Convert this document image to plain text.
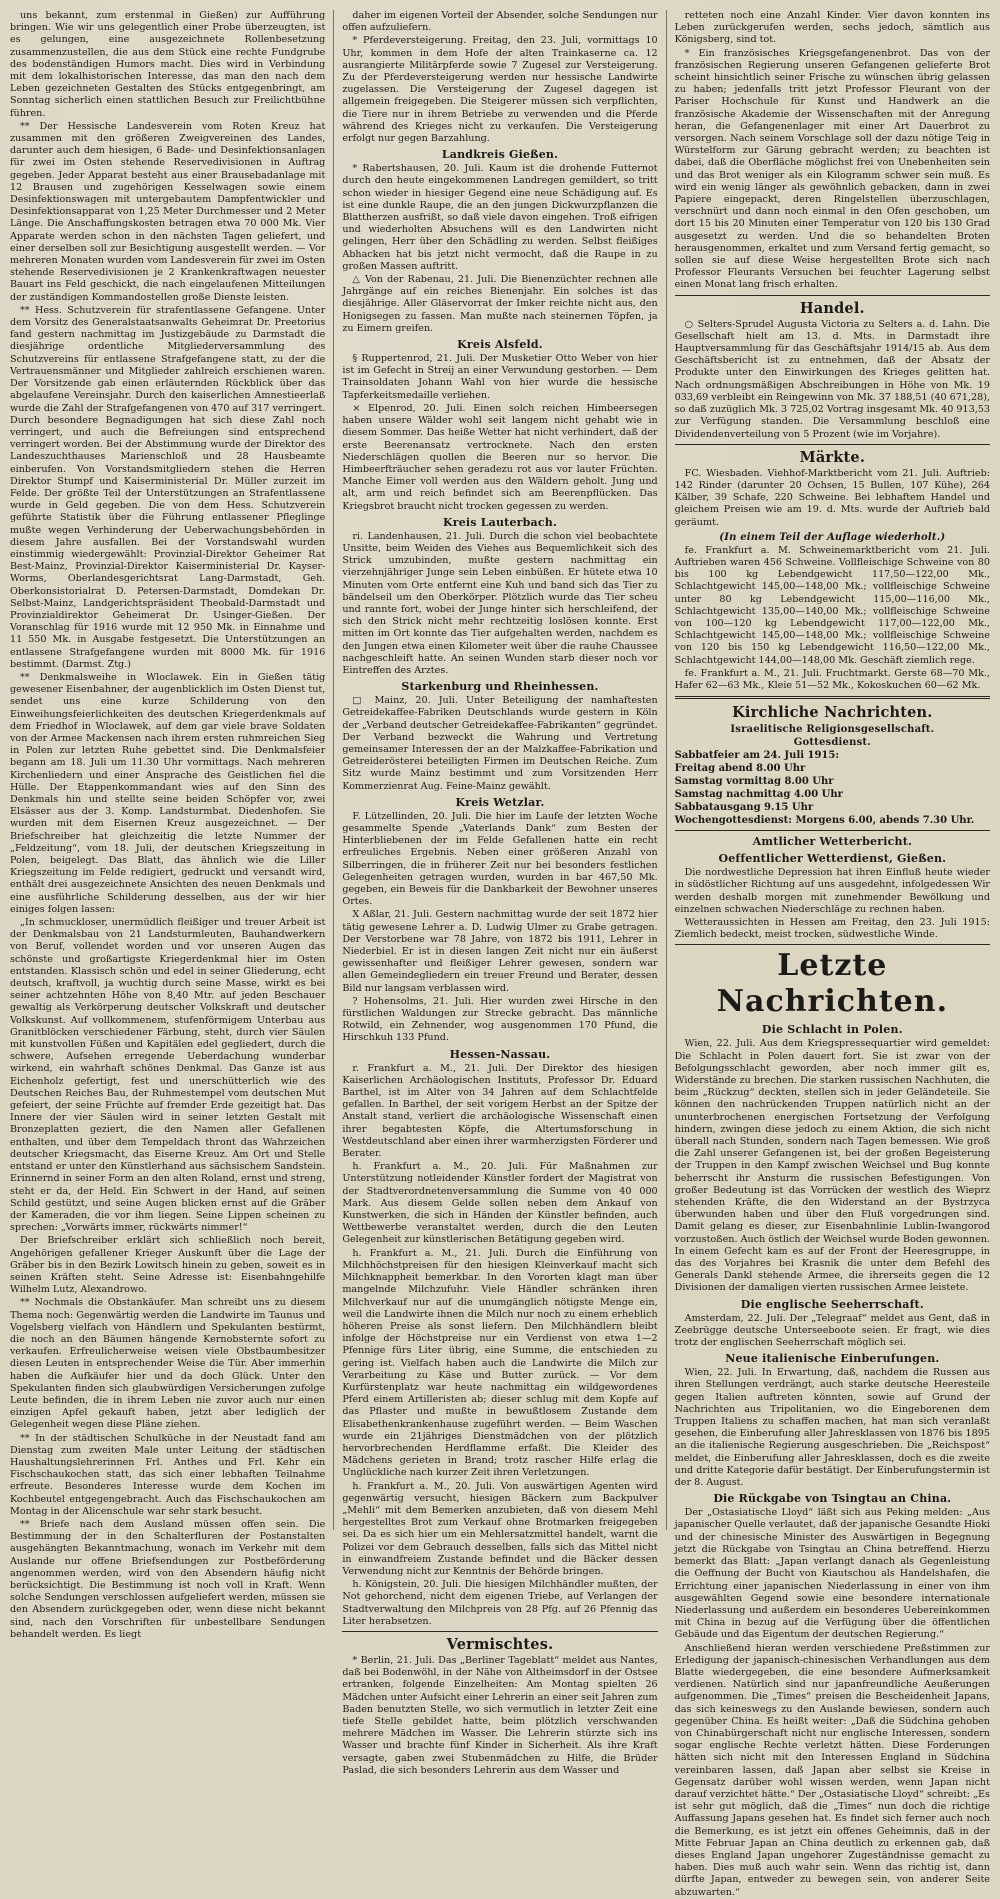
uns bekannt, zum erstenmal in Gießen) zur Aufführung bringen. Wie wir uns gelegentlich einer Probe überzeugten, ist es gelungen, eine ausgezeichnete Rollenbesetzung zusammenzustellen, die aus dem Stück eine rechte Fundgrube des bodenständigen Humors macht. Dies wird in Verbindung mit dem lokalhistorischen Interesse, das man den nach dem Leben gezeichneten Gestalten des Stücks entgegenbringt, am Sonntag sicherlich einen stattlichen Besuch zur Freilichtbühne führen.

** Der Hessische Landesverein vom Roten Kreuz hat zusammen mit den größeren Zweigvereinen des Landes, darunter auch dem hiesigen, 6 Bade- und Desinfektionsanlagen für zwei im Osten stehende Reservedivisionen in Auftrag gegeben. Jeder Apparat besteht aus einer Brausebadanlage mit 12 Brausen und zugehörigen Kesselwagen sowie einem Desinfektionswagen mit untergebautem Dampfentwickler und Desinfektionsapparat von 1,25 Meter Durchmesser und 2 Meter Länge. Die Anschaffungskosten betragen etwa 70 000 Mk. Vier Apparate werden schon in den nächsten Tagen geliefert, und einer derselben soll zur Besichtigung ausgestellt werden. — Vor mehreren Monaten wurden vom Landesverein für zwei im Osten stehende Reservedivisionen je 2 Krankenkraftwagen neuester Bauart ins Feld geschickt, die nach eingelaufenen Mitteilungen der zuständigen Kommandostellen große Dienste leisten.

** Hess. Schutzverein für strafentlassene Gefangene. Unter dem Vorsitz des Generalstaatsanwalts Geheimrat Dr. Preetorius fand gestern nachmittag im Justizgebäude zu Darmstadt die diesjährige ordentliche Mitgliederversammlung des Schutzvereins für entlassene Strafgefangene statt, zu der die Vertrauensmänner und Mitglieder zahlreich erschienen waren. Der Vorsitzende gab einen erläuternden Rückblick über das abgelaufene Vereinsjahr. Durch den kaiserlichen Amnestieerlaß wurde die Zahl der Strafgefangenen von 470 auf 317 verringert. Durch besondere Begnadigungen hat sich diese Zahl noch verringert, und auch die Befreiungen sind entsprechend verringert worden. Bei der Abstimmung wurde der Direktor des Landeszuchthauses Marienschloß und 28 Hausbeamte einberufen. Von Vorstandsmitgliedern stehen die Herren Direktor Stumpf und Kaiserministerial Dr. Müller zurzeit im Felde. Der größte Teil der Unterstützungen an Strafentlassene wurde in Geld gegeben. Die von dem Hess. Schutzverein geführte Statistik über die Führung entlassener Pfleglinge mußte wegen Verhinderung der Ueberwachungsbehörden in diesem Jahre ausfallen. Bei der Vorstandswahl wurden einstimmig wiedergewählt: Provinzial-Direktor Geheimer Rat Best-Mainz, Provinzial-Direktor Kaiserministerial Dr. Kayser-Worms, Oberlandesgerichtsrat Lang-Darmstadt, Geh. Oberkonsistorialrat D. Petersen-Darmstadt, Domdekan Dr. Selbst-Mainz, Landgerichtspräsident Theobald-Darmstadt und Provinzialdirektor Geheimerat Dr. Usinger-Gießen. Der Voranschlag für 1916 wurde mit 12 950 Mk. in Einnahme und 11 550 Mk. in Ausgabe festgesetzt. Die Unterstützungen an entlassene Strafgefangene wurden mit 8000 Mk. für 1916 bestimmt. (Darmst. Ztg.)

** Denkmalsweihe in Wloclawek. Ein in Gießen tätig gewesener Eisenbahner, der augenblicklich im Osten Dienst tut, sendet uns eine kurze Schilderung von den Einweihungsfeierlichkeiten des deutschen Kriegerdenkmals auf dem Friedhof in Wloclawek, auf dem gar viele brave Soldaten von der Armee Mackensen nach ihrem ersten ruhmreichen Sieg in Polen zur letzten Ruhe gebettet sind. Die Denkmalsfeier begann am 18. Juli um 11.30 Uhr vormittags. Nach mehreren Kirchenliedern und einer Ansprache des Geistlichen fiel die Hülle. Der Etappenkommandant wies auf den Sinn des Denkmals hin und stellte seine beiden Schöpfer vor, zwei Elsässer aus der 3. Komp. Landsturmbat. Diedenhofen. Sie wurden mit dem Eisernen Kreuz ausgezeichnet. — Der Briefschreiber hat gleichzeitig die letzte Nummer der „Feldzeitung“, vom 18. Juli, der deutschen Kriegszeitung in Polen, beigelegt. Das Blatt, das ähnlich wie die Liller Kriegszeitung im Felde redigiert, gedruckt und versandt wird, enthält drei ausgezeichnete Ansichten des neuen Denkmals und eine ausführliche Schilderung desselben, aus der wir hier einiges folgen lassen:

„In schmuckloser, unermüdlich fleißiger und treuer Arbeit ist der Denkmalsbau von 21 Landsturmleuten, Bauhandwerkern von Beruf, vollendet worden und vor unseren Augen das schönste und großartigste Kriegerdenkmal hier im Osten entstanden. Klassisch schön und edel in seiner Gliederung, echt deutsch, kraftvoll, ja wuchtig durch seine Masse, wirkt es bei seiner achtzehnten Höhe von 8,40 Mtr. auf jeden Beschauer gewaltig als Verkörperung deutscher Volkskraft und deutscher Volkskunst. Auf vollkommenem, stufenförmigem Unterbau aus Granitblöcken verschiedener Färbung, steht, durch vier Säulen mit kunstvollen Füßen und Kapitälen edel gegliedert, durch die schwere, Aufsehen erregende Ueberdachung wunderbar wirkend, ein wahrhaft schönes Denkmal. Das Ganze ist aus Eichenholz gefertigt, fest und unerschütterlich wie des Deutschen Reiches Bau, der Ruhmestempel vom deutschen Mut gefeiert, der seine Früchte auf fremder Erde gezeitigt hat. Das Innere der vier Säulen wird in seiner letzten Gestalt mit Bronzeplatten geziert, die den Namen aller Gefallenen enthalten, und über dem Tempeldach thront das Wahrzeichen deutscher Kriegsmacht, das Eiserne Kreuz. Am Ort und Stelle entstand er unter den Künstlerhand aus sächsischem Sandstein. Erinnernd in seiner Form an den alten Roland, ernst und streng, steht er da, der Held. Ein Schwert in der Hand, auf seinen Schild gestützt, und seine Augen blicken ernst auf die Gräber der Kameraden, die vor ihm liegen. Seine Lippen scheinen zu sprechen: „Vorwärts immer, rückwärts nimmer!“

Der Briefschreiber erklärt sich schließlich noch bereit, Angehörigen gefallener Krieger Auskunft über die Lage der Gräber bis in den Bezirk Lowitsch hinein zu geben, soweit es in seinen Kräften steht. Seine Adresse ist: Eisenbahngehilfe Wilhelm Lutz, Alexandrowo.

** Nochmals die Obstankäufer. Man schreibt uns zu diesem Thema noch: Gegenwärtig werden die Landwirte im Taunus und Vogelsberg vielfach von Händlern und Spekulanten bestürmt, die noch an den Bäumen hängende Kernobsternte sofort zu verkaufen. Erfreulicherweise weisen viele Obstbaumbesitzer diesen Leuten in entsprechender Weise die Tür. Aber immerhin haben die Aufkäufer hier und da doch Glück. Unter den Spekulanten finden sich glaubwürdigen Versicherungen zufolge Leute befinden, die in ihrem Leben nie zuvor auch nur einen einzigen Apfel gekauft haben, jetzt aber lediglich der Gelegenheit wegen diese Pläne ziehen.

** In der städtischen Schulküche in der Neustadt fand am Dienstag zum zweiten Male unter Leitung der städtischen Haushaltungslehrerinnen Frl. Anthes und Frl. Kehr ein Fischschaukochen statt, das sich einer lebhaften Teilnahme erfreute. Besonderes Interesse wurde dem Kochen im Kochbeutel entgegengebracht. Auch das Fischschaukochen am Montag in der Alicenschule war sehr stark besucht.

** Briefe nach dem Ausland müssen offen sein. Die Bestimmung der in den Schalterfluren der Postanstalten ausgehängten Bekanntmachung, wonach im Verkehr mit dem Auslande nur offene Briefsendungen zur Postbeförderung angenommen werden, wird von den Absendern häufig nicht berücksichtigt. Die Bestimmung ist noch voll in Kraft. Wenn solche Sendungen verschlossen aufgeliefert werden, müssen sie den Absendern zurückgegeben oder, wenn diese nicht bekannt sind, nach den Vorschriften für unbestellbare Sendungen behandelt werden. Es liegt

daher im eigenen Vorteil der Absender, solche Sendungen nur offen aufzuliefern.

* Pferdeversteigerung. Freitag, den 23. Juli, vormittags 10 Uhr, kommen in dem Hofe der alten Trainkaserne ca. 12 ausrangierte Militärpferde sowie 7 Zugesel zur Versteigerung. Zu der Pferdeversteigerung werden nur hessische Landwirte zugelassen. Die Versteigerung der Zugesel dagegen ist allgemein freigegeben. Die Steigerer müssen sich verpflichten, die Tiere nur in ihrem Betriebe zu verwenden und die Pferde während des Krieges nicht zu verkaufen. Die Versteigerung erfolgt nur gegen Barzahlung.

Landkreis Gießen.

* Rabertshausen, 20. Juli. Kaum ist die drohende Futternot durch den heute eingekommenen Landregen gemildert, so tritt schon wieder in hiesiger Gegend eine neue Schädigung auf. Es ist eine dunkle Raupe, die an den jungen Dickwurzpflanzen die Blattherzen ausfrißt, so daß viele davon eingehen. Troß eifrigen und wiederholten Absuchens will es den Landwirten nicht gelingen, Herr über den Schädling zu werden. Selbst fleißiges Abhacken hat bis jetzt nicht vermocht, daß die Raupe in zu großen Massen auftritt.

△ Von der Rabenau, 21. Juli. Die Bienenzüchter rechnen alle Jahrgänge auf ein reiches Bienenjahr. Ein solches ist das diesjährige. Aller Gläservorrat der Imker reichte nicht aus, den Honigsegen zu fassen. Man mußte nach steinernen Töpfen, ja zu Eimern greifen.

Kreis Alsfeld.

§ Ruppertenrod, 21. Juli. Der Musketier Otto Weber von hier ist im Gefecht in Streij an einer Verwundung gestorben. — Dem Trainsoldaten Johann Wahl von hier wurde die hessische Tapferkeitsmedaille verliehen.

× Elpenrod, 20. Juli. Einen solch reichen Himbeersegen haben unsere Wälder wohl seit langem nicht gehabt wie in diesem Sommer. Das heiße Wetter hat nicht verhindert, daß der erste Beerenansatz vertrocknete. Nach den ersten Niederschlägen quollen die Beeren nur so hervor. Die Himbeerfträucher sehen geradezu rot aus vor lauter Früchten. Manche Eimer voll werden aus den Wäldern geholt. Jung und alt, arm und reich befindet sich am Beerenpflücken. Das Kriegsbrot braucht nicht trocken gegessen zu werden.

Kreis Lauterbach.

ri. Landenhausen, 21. Juli. Durch die schon viel beobachtete Unsitte, beim Weiden des Viehes aus Bequemlichkeit sich des Strick umzubinden, mußte gestern nachmittag ein vierzehnjähriger Junge sein Leben einbüßen. Er hütete etwa 10 Minuten vom Orte entfernt eine Kuh und band sich das Tier zu bändelseil um den Oberkörper. Plötzlich wurde das Tier scheu und rannte fort, wobei der Junge hinter sich herschleifend, der sich den Strick nicht mehr rechtzeitig loslösen konnte. Erst mitten im Ort konnte das Tier aufgehalten werden, nachdem es den Jungen etwa einen Kilometer weit über die rauhe Chaussee nachgeschleift hatte. An seinen Wunden starb dieser noch vor Eintreffen des Arztes.

Starkenburg und Rheinhessen.

□ Mainz, 20. Juli. Unter Beteiligung der namhaftesten Getreidekaffee-Fabriken Deutschlands wurde gestern in Köln der „Verband deutscher Getreidekaffee-Fabrikanten“ gegründet. Der Verband bezweckt die Wahrung und Vertretung gemeinsamer Interessen der an der Malzkaffee-Fabrikation und Getreiderösterei beteiligten Firmen im Deutschen Reiche. Zum Sitz wurde Mainz bestimmt und zum Vorsitzenden Herr Kommerzienrat Aug. Feine-Mainz gewählt.

Kreis Wetzlar.

F. Lützellinden, 20. Juli. Die hier im Laufe der letzten Woche gesammelte Spende „Vaterlands Dank“ zum Besten der Hinterbliebenen der im Felde Gefallenen hatte ein recht erfreuliches Ergebnis. Neben einer größeren Anzahl von Silberringen, die in früherer Zeit nur bei besonders festlichen Gelegenheiten getragen wurden, wurden in bar 467,50 Mk. gegeben, ein Beweis für die Dankbarkeit der Bewohner unseres Ortes.

X Aßlar, 21. Juli. Gestern nachmittag wurde der seit 1872 hier tätig gewesene Lehrer a. D. Ludwig Ulmer zu Grabe getragen. Der Verstorbene war 78 Jahre, von 1872 bis 1911, Lehrer in Niederbiel. Er ist in diesen langen Zeit nicht nur ein äußerst gewissenhafter und fleißiger Lehrer gewesen, sondern war allen Gemeindegliedern ein treuer Freund und Berater, dessen Bild nur langsam verblassen wird.

? Hohensolms, 21. Juli. Hier wurden zwei Hirsche in den fürstlichen Waldungen zur Strecke gebracht. Das männliche Rotwild, ein Zehnender, wog ausgenommen 170 Pfund, die Hirschkuh 133 Pfund.

Hessen-Nassau.

r. Frankfurt a. M., 21. Juli. Der Direktor des hiesigen Kaiserlichen Archäologischen Instituts, Professor Dr. Eduard Barthel, ist im Alter von 34 Jahren auf dem Schlachtfelde gefallen. In Barthel, der seit vorigem Herbst an der Spitze der Anstalt stand, verliert die archäologische Wissenschaft einen ihrer begabtesten Köpfe, die Altertumsforschung in Westdeutschland aber einen ihrer warmherzigsten Förderer und Berater.

h. Frankfurt a. M., 20. Juli. Für Maßnahmen zur Unterstützung notleidender Künstler fordert der Magistrat von der Stadtverordnetenversammlung die Summe von 40 000 Mark. Aus diesem Gelde sollen neben dem Ankauf von Kunstwerken, die sich in Händen der Künstler befinden, auch Wettbewerbe veranstaltet werden, durch die den Leuten Gelegenheit zur künstlerischen Betätigung gegeben wird.

h. Frankfurt a. M., 21. Juli. Durch die Einführung von Milchhöchstpreisen für den hiesigen Kleinverkauf macht sich Milchknappheit bemerkbar. In den Vororten klagt man über mangelnde Milchzufuhr. Viele Händler schränken ihren Milchverkauf nur auf die unumgänglich nötigste Menge ein, weil die Landwirte ihnen die Milch nur noch zu einem erheblich höheren Preise als sonst liefern. Den Milchhändlern bleibt infolge der Höchstpreise nur ein Verdienst von etwa 1—2 Pfennige fürs Liter übrig, eine Summe, die entschieden zu gering ist. Vielfach haben auch die Landwirte die Milch zur Verarbeitung zu Käse und Butter zurück. — Vor dem Kurfürstenplatz war heute nachmittag ein wildgewordenes Pferd einem Artilleristen ab; dieser schlug mit dem Kopfe auf das Pflaster und mußte in bewußtlosem Zustande dem Elisabethenkrankenhause zugeführt werden. — Beim Waschen wurde ein 21jähriges Dienstmädchen von der plötzlich hervorbrechenden Herdflamme erfaßt. Die Kleider des Mädchens gerieten in Brand; trotz rascher Hilfe erlag die Unglückliche nach kurzer Zeit ihren Verletzungen.

h. Frankfurt a. M., 20. Juli. Von auswärtigen Agenten wird gegenwärtig versucht, hiesigen Bäckern zum Backpulver „Mehli“ mit dem Bemerken anzubieten, daß von diesem Mehl hergestelltes Brot zum Verkauf ohne Brotmarken freigegeben sei. Da es sich hier um ein Mehlersatzmittel handelt, warnt die Polizei vor dem Gebrauch desselben, falls sich das Mittel nicht in einwandfreiem Zustande befindet und die Bäcker dessen Verwendung nicht zur Kenntnis der Behörde bringen.

h. Königstein, 20. Juli. Die hiesigen Milchhändler mußten, der Not gehorchend, nicht dem eigenen Triebe, auf Verlangen der Stadtverwaltung den Milchpreis von 28 Pfg. auf 26 Pfennig das Liter herabsetzen.

Vermischtes.

* Berlin, 21. Juli. Das „Berliner Tageblatt“ meldet aus Nantes, daß bei Bodenwöhl, in der Nähe von Altheimsdorf in der Ostsee ertranken, folgende Einzelheiten: Am Montag spielten 26 Mädchen unter Aufsicht einer Lehrerin an einer seit Jahren zum Baden benutzten Stelle, wo sich vermutlich in letzter Zeit eine tiefe Stelle gebildet hatte, beim plötzlich verschwanden mehrere Mädchen im Wasser. Die Lehrerin stürzte sich ins Wasser und brachte fünf Kinder in Sicherheit. Als ihre Kraft versagte, gaben zwei Stubenmädchen zu Hilfe, die Brüder Paslad, die sich besonders Lehrerin aus dem Wasser und

retteten noch eine Anzahl Kinder. Vier davon konnten ins Leben zurückgerufen werden, sechs jedoch, sämtlich aus Königsberg, sind tot.

* Ein französisches Kriegsgefangenenbrot. Das von der französischen Regierung unseren Gefangenen gelieferte Brot scheint hinsichtlich seiner Frische zu wünschen übrig gelassen zu haben; jedenfalls tritt jetzt Professor Fleurant von der Pariser Hochschule für Kunst und Handwerk an die französische Akademie der Wissenschaften mit der Anregung heran, die Gefangenenlager mit einer Art Dauerbrot zu versorgen. Nach seinem Vorschlage soll der dazu nötige Teig in Würstelform zur Gärung gebracht werden; zu beachten ist dabei, daß die Oberfläche möglichst frei von Unebenheiten sein und das Brot weniger als ein Kilogramm schwer sein muß. Es wird ein wenig länger als gewöhnlich gebacken, dann in zwei Papiere eingepackt, deren Ringelstellen überzuschlagen, verschnürt und dann noch einmal in den Ofen geschoben, um dort 15 bis 20 Minuten einer Temperatur von 120 bis 130 Grad ausgesetzt zu werden. Und die so behandelten Broten herausgenommen, erkaltet und zum Versand fertig gemacht, so sollen sie auf diese Weise hergestellten Brote sich nach Professor Fleurants Versuchen bei feuchter Lagerung selbst einen Monat lang frisch erhalten.

Handel.

○ Selters-Sprudel Augusta Victoria zu Selters a. d. Lahn. Die Gesellschaft hielt am 13. d. Mts. in Darmstadt ihre Hauptversammlung für das Geschäftsjahr 1914/15 ab. Aus dem Geschäftsbericht ist zu entnehmen, daß der Absatz der Produkte unter den Einwirkungen des Krieges gelitten hat. Nach ordnungsmäßigen Abschreibungen in Höhe von Mk. 19 033,69 verbleibt ein Reingewinn von Mk. 37 188,51 (40 671,28), so daß zuzüglich Mk. 3 725,02 Vortrag insgesamt Mk. 40 913,53 zur Verfügung standen. Die Versammlung beschloß eine Dividendenverteilung von 5 Prozent (wie im Vorjahre).

Märkte.

FC. Wiesbaden. Viehhof-Marktbericht vom 21. Juli. Auftrieb: 142 Rinder (darunter 20 Ochsen, 15 Bullen, 107 Kühe), 264 Kälber, 39 Schafe, 220 Schweine. Bei lebhaftem Handel und gleichem Preisen wie am 19. d. Mts. wurde der Auftrieb bald geräumt.

(In einem Teil der Auflage wiederholt.)

fe. Frankfurt a. M. Schweinemarktbericht vom 21. Juli. Auftrieben waren 456 Schweine. Vollfleischige Schweine von 80 bis 100 kg Lebendgewicht 117,50—122,00 Mk., Schlachtgewicht 145,00—148,00 Mk.; vollfleischige Schweine unter 80 kg Lebendgewicht 115,00—116,00 Mk., Schlachtgewicht 135,00—140,00 Mk.; vollfleischige Schweine von 100—120 kg Lebendgewicht 117,00—122,00 Mk., Schlachtgewicht 145,00—148,00 Mk.; vollfleischige Schweine von 120 bis 150 kg Lebendgewicht 116,50—122,00 Mk., Schlachtgewicht 144,00—148,00 Mk. Geschäft ziemlich rege.

fe. Frankfurt a. M., 21. Juli. Fruchtmarkt. Gerste 68—70 Mk., Hafer 62—63 Mk., Kleie 51—52 Mk., Kokoskuchen 60—62 Mk.

Kirchliche Nachrichten.
Israelitische Religionsgesellschaft.
Gottesdienst.
Sabbatfeier am 24. Juli 1915:
Freitag abend 8.00 Uhr
Samstag vormittag 8.00 Uhr
Samstag nachmittag 4.00 Uhr
Sabbatausgang 9.15 Uhr
Wochengottesdienst: Morgens 6.00, abends 7.30 Uhr.
Amtlicher Wetterbericht.
Oeffentlicher Wetterdienst, Gießen.

Die nordwestliche Depression hat ihren Einfluß heute wieder in südöstlicher Richtung auf uns ausgedehnt, infolgedessen Wir werden deshalb morgen mit zunehmender Bewölkung und einzelnen schwachen Niederschläge zu rechnen haben.

Wetteraussichten in Hessen am Freitag, den 23. Juli 1915: Ziemlich bedeckt, meist trocken, südwestliche Winde.

Letzte Nachrichten.
Die Schlacht in Polen.

Wien, 22. Juli. Aus dem Kriegspressequartier wird gemeldet: Die Schlacht in Polen dauert fort. Sie ist zwar von der Befolgungsschlacht geworden, aber noch immer gilt es, Widerstände zu brechen. Die starken russischen Nachhuten, die beim „Rückzug“ deckten, stellen sich in jeder Geländeteile. Sie können den nachrückenden Truppen natürlich nicht an der ununterbrochenen energischen Fortsetzung der Verfolgung hindern, zwingen diese jedoch zu einem Aktion, die sich nicht überall nach Stunden, sondern nach Tagen bemessen. Wie groß die Zahl unserer Gefangenen ist, bei der großen Begeisterung der Truppen in den Kampf zwischen Weichsel und Bug konnte beherrscht ihr Ansturm die russischen Befestigungen. Von großer Bedeutung ist das Vorrücken der westlich des Wieprz stehenden Kräfte, die den Widerstand an der Bystrzyca überwunden haben und über den Fluß vorgedrungen sind. Damit gelang es dieser, zur Eisenbahnlinie Lublin-Iwangorod vorzustoßen. Auch östlich der Weichsel wurde Boden gewonnen. In einem Gefecht kam es auf der Front der Heeresgruppe, in das des Vorjahres bei Krasnik die unter dem Befehl des Generals Dankl stehende Armee, die ihrerseits gegen die 12 Divisionen der damaligen vierten russischen Armee leistete.

Die englische Seeherrschaft.

Amsterdam, 22. Juli. Der „Telegraaf“ meldet aus Gent, daß in Zeebrügge deutsche Unterseeboote seien. Er fragt, wie dies trotz der englischen Seeherrschaft möglich sei.

Neue italienische Einberufungen.

Wien, 22. Juli. In Erwartung, daß, nachdem die Russen aus ihren Stellungen verdrängt, auch starke deutsche Heeresteile gegen Italien auftreten könnten, sowie auf Grund der Nachrichten aus Tripolitanien, wo die Eingeborenen dem Truppen Italiens zu schaffen machen, hat man sich veranlaßt gesehen, die Einberufung aller Jahresklassen von 1876 bis 1895 an die italienische Regierung ausgeschrieben. Die „Reichspost“ meldet, die Einberufung aller Jahresklassen, doch es die zweite und dritte Kategorie dafür bestätigt. Der Einberufungstermin ist der 8. August.

Die Rückgabe von Tsingtau an China.

Der „Ostasiatische Lloyd“ läßt sich aus Peking melden: „Aus japanischer Quelle verlautet, daß der japanische Gesandte Hioki und der chinesische Minister des Auswärtigen in Begegnung jetzt die Rückgabe von Tsingtau an China betreffend. Hierzu bemerkt das Blatt: „Japan verlangt danach als Gegenleistung die Oeffnung der Bucht von Kiautschou als Handelshafen, die Errichtung einer japanischen Niederlassung in einer von ihm ausgewählten Gegend sowie eine besondere internationale Niederlassung und außerdem ein besonderes Uebereinkommen mit China in bezug auf die Verfügung über die öffentlichen Gebäude und das Eigentum der deutschen Regierung.“

Anschließend hieran werden verschiedene Preßstimmen zur Erledigung der japanisch-chinesischen Verhandlungen aus dem Blatte wiedergegeben, die eine besondere Aufmerksamkeit verdienen. Natürlich sind nur japanfreundliche Aeußerungen aufgenommen. Die „Times“ preisen die Bescheidenheit Japans, das sich keineswegs zu den Auslande bewiesen, sondern auch gegenüber China. Es heißt weiter: „Daß die Südchina gehoben von Chinabürgerschaft nicht nur englische Interessen, sondern sogar englische Rechte verletzt hätten. Diese Forderungen hätten sich nicht mit den Interessen England in Südchina vereinbaren lassen, daß Japan aber selbst sie Kreise in Gegensatz darüber wohl wissen werden, wenn Japan nicht darauf verzichtet hätte.“ Der „Ostasiatische Lloyd“ schreibt: „Es ist sehr gut möglich, daß die „Times“ nun doch die richtige Auffassung Japans gesehen hat. Es findet sich ferner auch noch die Bemerkung, es ist jetzt ein offenes Geheimnis, daß in der Mitte Februar Japan an China deutlich zu erkennen gab, daß dieses England Japan ungehorer Zugeständnisse gemacht zu haben. Dies muß auch wahr sein. Wenn das richtig ist, dann dürfte Japan, entweder zu bewegen sein, von anderer Seite abzuwarten.“
